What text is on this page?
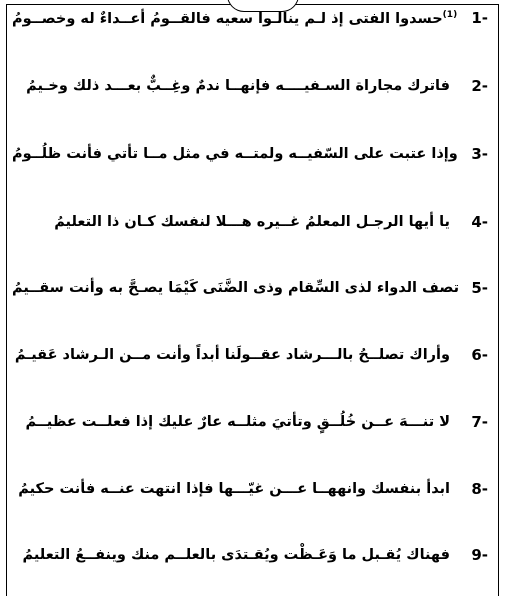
$^{(1)}$حسدوا الفتى إذ لـم ينالـوا سعيه فالقــومُ أعــداءٌ له وخصــومُ	1-
فاترك مجاراة السـفيــــه فإنهــا ندمٌ وغِــبٌّ بعـــد ذلك وخـيمُ	2-
وإذا عتبت على السّفيــه ولمتــه في مثل مــا تأتي فأنت ظلُــومُ 3-
يا أيها الرجـل المعلمُ غــيره هـــلا لنفسك كـان ذا التعليمُ	4-
تصف الدواء لذى السِّقام وذى الضَّنَى كَيْمَا يصـحَّ به وأنت سقــيمُ 5-
وأراك تصلــحُ بالـــرشاد عقــولَنا أبداً وأنت مــن الـرشاد عَقيـمُ	6-
لا تنـــهَ عــن خُلُــقٍ وتأتيَ مثلــه عارٌ عليك إذا فعلــت عظيــمُ	7-
ابدأ بنفسك وانههــا عـــن غيّـــها فإذا انتهت عنــه فأنت حكيمُ	8-
فهناك يُقـبل ما وَعَـظْت ويُقـتدَى بالعلــم منك وينفــعُ التعليمُ	9-
